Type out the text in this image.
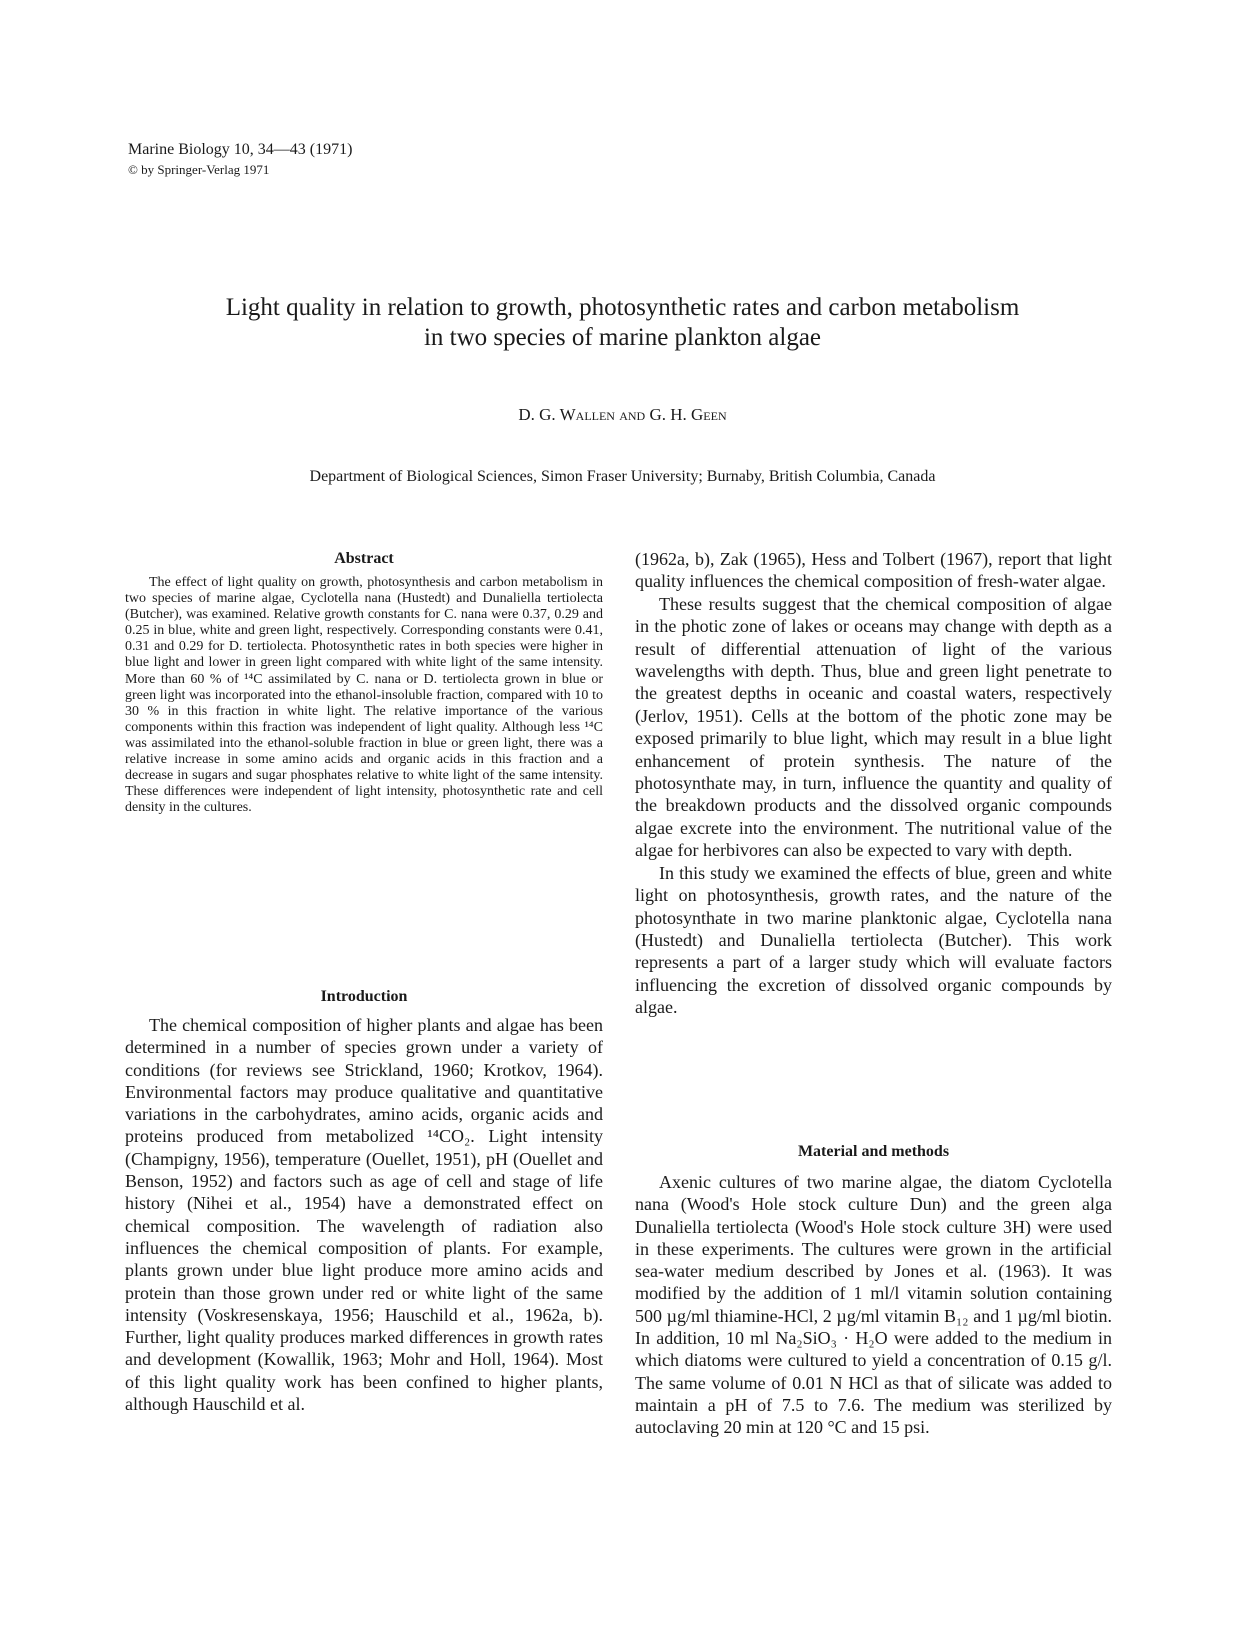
Marine Biology 10, 34—43 (1971)
© by Springer-Verlag 1971
Light quality in relation to growth, photosynthetic rates and carbon metabolism
in two species of marine plankton algae
D. G. Wallen and G. H. Geen
Department of Biological Sciences, Simon Fraser University; Burnaby, British Columbia, Canada
Abstract

The effect of light quality on growth, photosynthesis and carbon metabolism in two species of marine algae, Cyclotella nana (Hustedt) and Dunaliella tertiolecta (Butcher), was examined. Relative growth constants for C. nana were 0.37, 0.29 and 0.25 in blue, white and green light, respectively. Corresponding constants were 0.41, 0.31 and 0.29 for D. tertiolecta. Photosynthetic rates in both species were higher in blue light and lower in green light compared with white light of the same intensity. More than 60 % of ¹⁴C assimilated by C. nana or D. tertiolecta grown in blue or green light was incorporated into the ethanol-insoluble fraction, compared with 10 to 30 % in this fraction in white light. The relative importance of the various components within this fraction was independent of light quality. Although less ¹⁴C was assimilated into the ethanol-soluble fraction in blue or green light, there was a relative increase in some amino acids and organic acids in this fraction and a decrease in sugars and sugar phosphates relative to white light of the same intensity. These differences were independent of light intensity, photosynthetic rate and cell density in the cultures.

Introduction

The chemical composition of higher plants and algae has been determined in a number of species grown under a variety of conditions (for reviews see Strickland, 1960; Krotkov, 1964). Environmental factors may produce qualitative and quantitative variations in the carbohydrates, amino acids, organic acids and proteins produced from metabolized ¹⁴CO₂. Light intensity (Champigny, 1956), temperature (Ouellet, 1951), pH (Ouellet and Benson, 1952) and factors such as age of cell and stage of life history (Nihei et al., 1954) have a demonstrated effect on chemical composition. The wavelength of radiation also influences the chemical composition of plants. For example, plants grown under blue light produce more amino acids and protein than those grown under red or white light of the same intensity (Voskresenskaya, 1956; Hauschild et al., 1962a, b). Further, light quality produces marked differences in growth rates and development (Kowallik, 1963; Mohr and Holl, 1964). Most of this light quality work has been confined to higher plants, although Hauschild et al.

(1962a, b), Zak (1965), Hess and Tolbert (1967), report that light quality influences the chemical composition of fresh-water algae.

These results suggest that the chemical composition of algae in the photic zone of lakes or oceans may change with depth as a result of differential attenuation of light of the various wavelengths with depth. Thus, blue and green light penetrate to the greatest depths in oceanic and coastal waters, respectively (Jerlov, 1951). Cells at the bottom of the photic zone may be exposed primarily to blue light, which may result in a blue light enhancement of protein synthesis. The nature of the photosynthate may, in turn, influence the quantity and quality of the breakdown products and the dissolved organic compounds algae excrete into the environment. The nutritional value of the algae for herbivores can also be expected to vary with depth.

In this study we examined the effects of blue, green and white light on photosynthesis, growth rates, and the nature of the photosynthate in two marine planktonic algae, Cyclotella nana (Hustedt) and Dunaliella tertiolecta (Butcher). This work represents a part of a larger study which will evaluate factors influencing the excretion of dissolved organic compounds by algae.

Material and methods

Axenic cultures of two marine algae, the diatom Cyclotella nana (Wood's Hole stock culture Dun) and the green alga Dunaliella tertiolecta (Wood's Hole stock culture 3H) were used in these experiments. The cultures were grown in the artificial sea-water medium described by Jones et al. (1963). It was modified by the addition of 1 ml/l vitamin solution containing 500 µg/ml thiamine-HCl, 2 µg/ml vitamin B₁₂ and 1 µg/ml biotin. In addition, 10 ml Na₂SiO₃ · H₂O were added to the medium in which diatoms were cultured to yield a concentration of 0.15 g/l. The same volume of 0.01 N HCl as that of silicate was added to maintain a pH of 7.5 to 7.6. The medium was sterilized by autoclaving 20 min at 120 °C and 15 psi.
